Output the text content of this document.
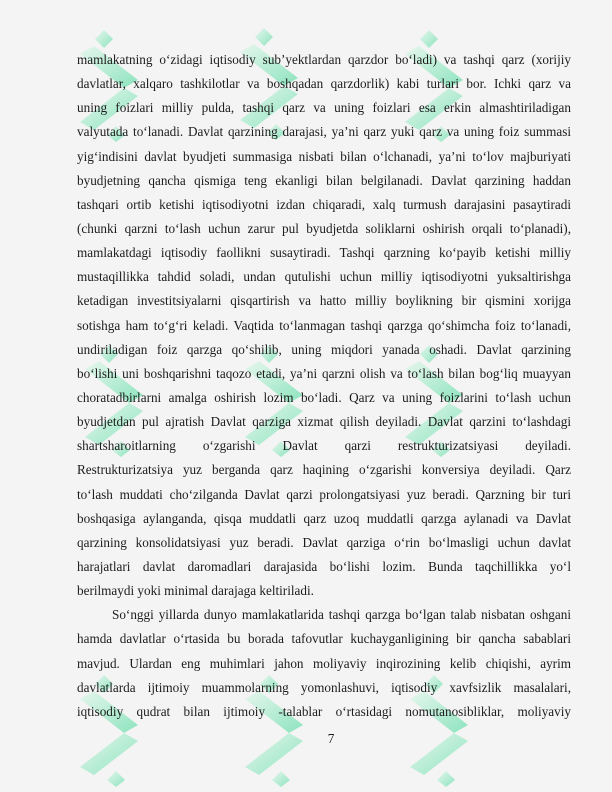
mamlakatning o‘zidagi iqtisodiy sub’yektlardan qarzdor bo‘ladi) va tashqi qarz (xorijiy
davlatlar, xalqaro tashkilotlar va boshqadan qarzdorlik) kabi turlari bor. Ichki qarz va
uning foizlari milliy pulda, tashqi qarz va uning foizlari esa erkin almashtiriladigan
valyutada to‘lanadi. Davlat qarzining darajasi, ya’ni qarz yuki qarz va uning foiz summasi
yig‘indisini davlat byudjeti summasiga nisbati bilan o‘lchanadi, ya’ni to‘lov majburiyati
byudjetning qancha qismiga teng ekanligi bilan belgilanadi. Davlat qarzining haddan
tashqari ortib ketishi iqtisodiyotni izdan chiqaradi, xalq turmush darajasini pasaytiradi
(chunki qarzni to‘lash uchun zarur pul byudjetda soliklarni oshirish orqali to‘planadi),
mamlakatdagi iqtisodiy faollikni susaytiradi. Tashqi qarzning ko‘payib ketishi milliy
mustaqillikka tahdid soladi, undan qutulishi uchun milliy iqtisodiyotni yuksaltirishga
ketadigan investitsiyalarni qisqartirish va hatto milliy boylikning bir qismini xorijga
sotishga ham to‘g‘ri keladi. Vaqtida to‘lanmagan tashqi qarzga qo‘shimcha foiz to‘lanadi,
undiriladigan foiz qarzga qo‘shilib, uning miqdori yanada oshadi. Davlat qarzining
bo‘lishi uni boshqarishni taqozo etadi, ya’ni qarzni olish va to‘lash bilan bog‘liq muayyan
choratadbirlarni amalga oshirish lozim bo‘ladi. Qarz va uning foizlarini to‘lash uchun
byudjetdan pul ajratish Davlat qarziga xizmat qilish deyiladi. Davlat qarzini to‘lashdagi
shartsharoitlarning o‘zgarishi Davlat qarzi restrukturizatsiyasi deyiladi.
Restrukturizatsiya yuz berganda qarz haqining o‘zgarishi konversiya deyiladi. Qarz
to‘lash muddati cho‘zilganda Davlat qarzi prolongatsiyasi yuz beradi. Qarzning bir turi
boshqasiga aylanganda, qisqa muddatli qarz uzoq muddatli qarzga aylanadi va Davlat
qarzining konsolidatsiyasi yuz beradi. Davlat qarziga o‘rin bo‘lmasligi uchun davlat
harajatlari davlat daromadlari darajasida bo‘lishi lozim. Bunda taqchillikka yo‘l
berilmaydi yoki minimal darajaga keltiriladi.
So‘nggi yillarda dunyo mamlakatlarida tashqi qarzga bo‘lgan talab nisbatan oshgani
hamda davlatlar o‘rtasida bu borada tafovutlar kuchayganligining bir qancha sabablari
mavjud. Ulardan eng muhimlari jahon moliyaviy inqirozining kelib chiqishi, ayrim
davlatlarda ijtimoiy muammolarning yomonlashuvi, iqtisodiy xavfsizlik masalalari,
iqtisodiy qudrat bilan ijtimoiy -talablar o‘rtasidagi nomutanosibliklar, moliyaviy
7
